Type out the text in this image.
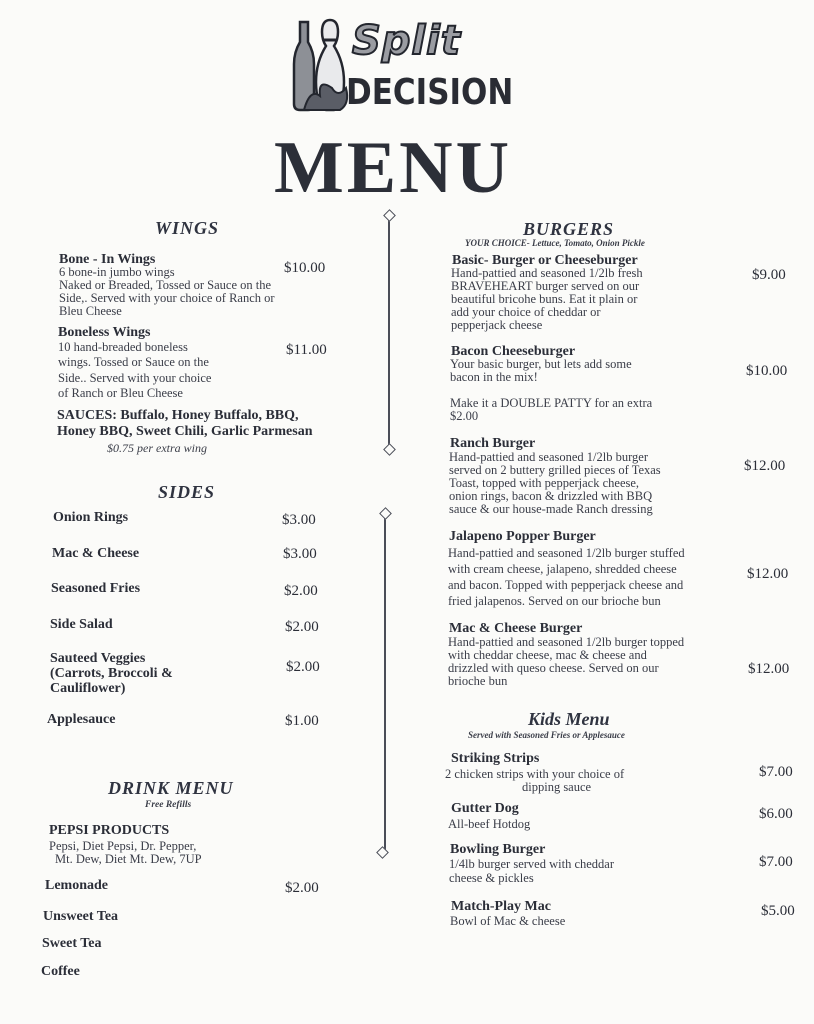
Split
DECISION
MENU
WINGS
Bone - In Wings
6 bone-in jumbo wings
Naked or Breaded, Tossed or Sauce on the
Side,. Served with your choice of Ranch or
Bleu Cheese
$10.00
Boneless Wings
10 hand-breaded boneless
wings. Tossed or Sauce on the
Side.. Served with your choice
of Ranch or Bleu Cheese
$11.00
SAUCES: Buffalo, Honey Buffalo, BBQ,
Honey BBQ, Sweet Chili, Garlic Parmesan
$0.75 per extra wing
SIDES
Onion Rings	$3.00
Mac & Cheese	$3.00
Seasoned Fries	$2.00
Side Salad	$2.00
Sauteed Veggies
(Carrots, Broccoli &
Cauliflower)
$2.00
Applesauce	$1.00
DRINK MENU
Free Refills
PEPSI PRODUCTS
Pepsi, Diet Pepsi, Dr. Pepper,
Mt. Dew, Diet Mt. Dew, 7UP
Lemonade	$2.00
Unsweet Tea
Sweet Tea
Coffee
BURGERS
YOUR CHOICE- Lettuce, Tomato, Onion Pickle
Basic- Burger or Cheeseburger
Hand-pattied and seasoned 1/2lb fresh
BRAVEHEART burger served on our
beautiful bricohe buns. Eat it plain or
add your choice of cheddar or
pepperjack cheese
$9.00
Bacon Cheeseburger
Your basic burger, but lets add some
bacon in the mix!	$10.00
Make it a DOUBLE PATTY for an extra
$2.00
Ranch Burger
Hand-pattied and seasoned 1/2lb burger
served on 2 buttery grilled pieces of Texas
Toast, topped with pepperjack cheese,
onion rings, bacon & drizzled with BBQ
sauce & our house-made Ranch dressing
$12.00
Jalapeno Popper Burger
Hand-pattied and seasoned 1/2lb burger stuffed
with cream cheese, jalapeno, shredded cheese
and bacon. Topped with pepperjack cheese and
fried jalapenos. Served on our brioche bun
$12.00
Mac & Cheese Burger
Hand-pattied and seasoned 1/2lb burger topped
with cheddar cheese, mac & cheese and
drizzled with queso cheese. Served on our
brioche bun
$12.00
Kids Menu
Served with Seasoned Fries or Applesauce
Striking Strips
2 chicken strips with your choice of
dipping sauce
$7.00
Gutter Dog
All-beef Hotdog
$6.00
Bowling Burger
1/4lb burger served with cheddar
cheese & pickles
$7.00
Match-Play Mac
Bowl of Mac & cheese
$5.00
